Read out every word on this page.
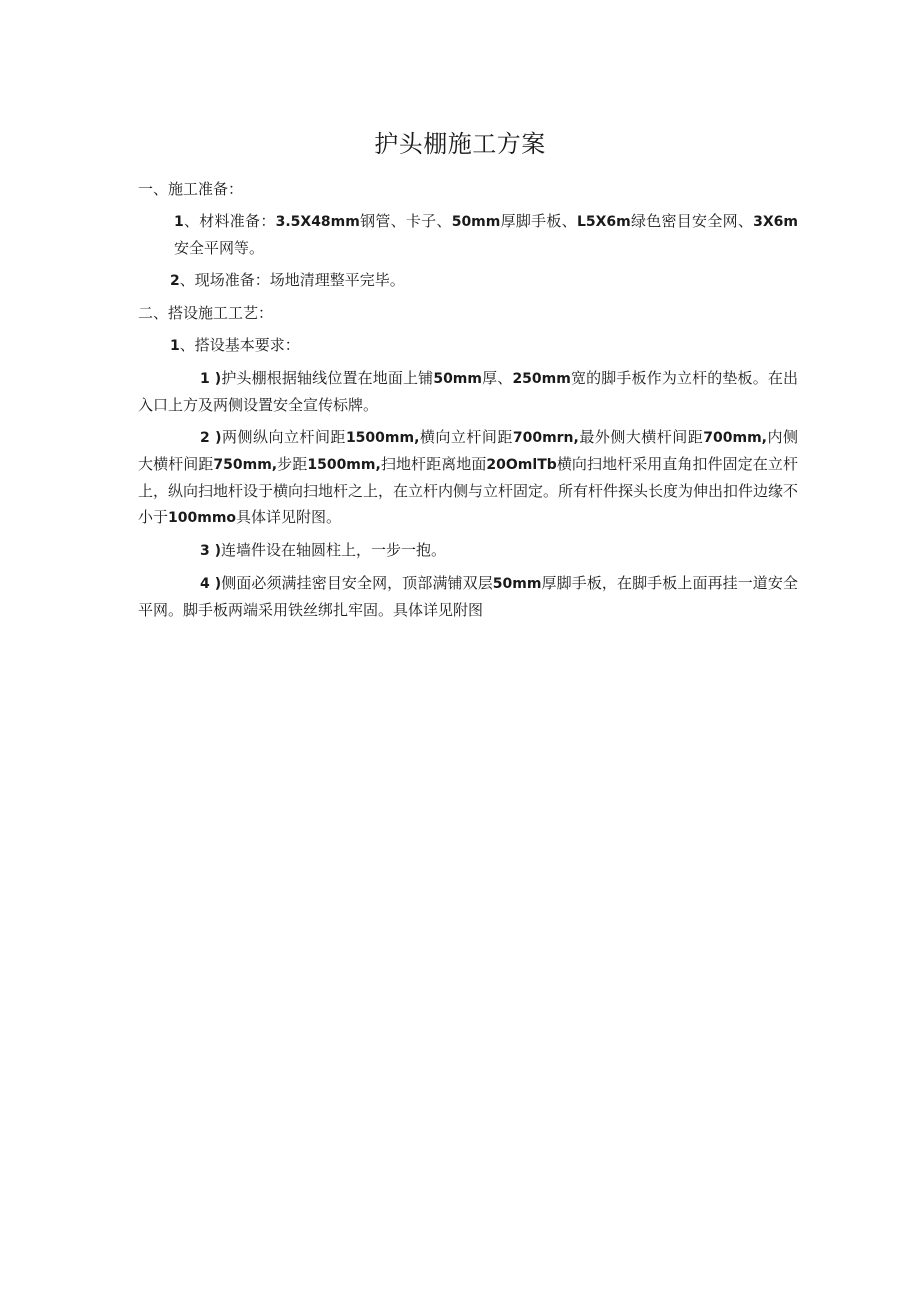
护头棚施工方案
一、施工准备：
1、材料准备：3.5X48mm钢管、卡子、50mm厚脚手板、L5X6m绿色密目安全网、3X6m安全平网等。
2、现场准备：场地清理整平完毕。
二、搭设施工工艺：
1、搭设基本要求：
1 )护头棚根据轴线位置在地面上铺50mm厚、250mm宽的脚手板作为立杆的垫板。在出入口上方及两侧设置安全宣传标牌。
2 )两侧纵向立杆间距1500mm,横向立杆间距700mrn,最外侧大横杆间距700mm,内侧大横杆间距750mm,步距1500mm,扫地杆距离地面20OmlTb横向扫地杆采用直角扣件固定在立杆上，纵向扫地杆设于横向扫地杆之上，在立杆内侧与立杆固定。所有杆件探头长度为伸出扣件边缘不小于100mmo具体详见附图。
3 )连墙件设在轴圆柱上，一步一抱。
4 )侧面必须满挂密目安全网，顶部满铺双层50mm厚脚手板，在脚手板上面再挂一道安全平网。脚手板两端采用铁丝绑扎牢固。具体详见附图
